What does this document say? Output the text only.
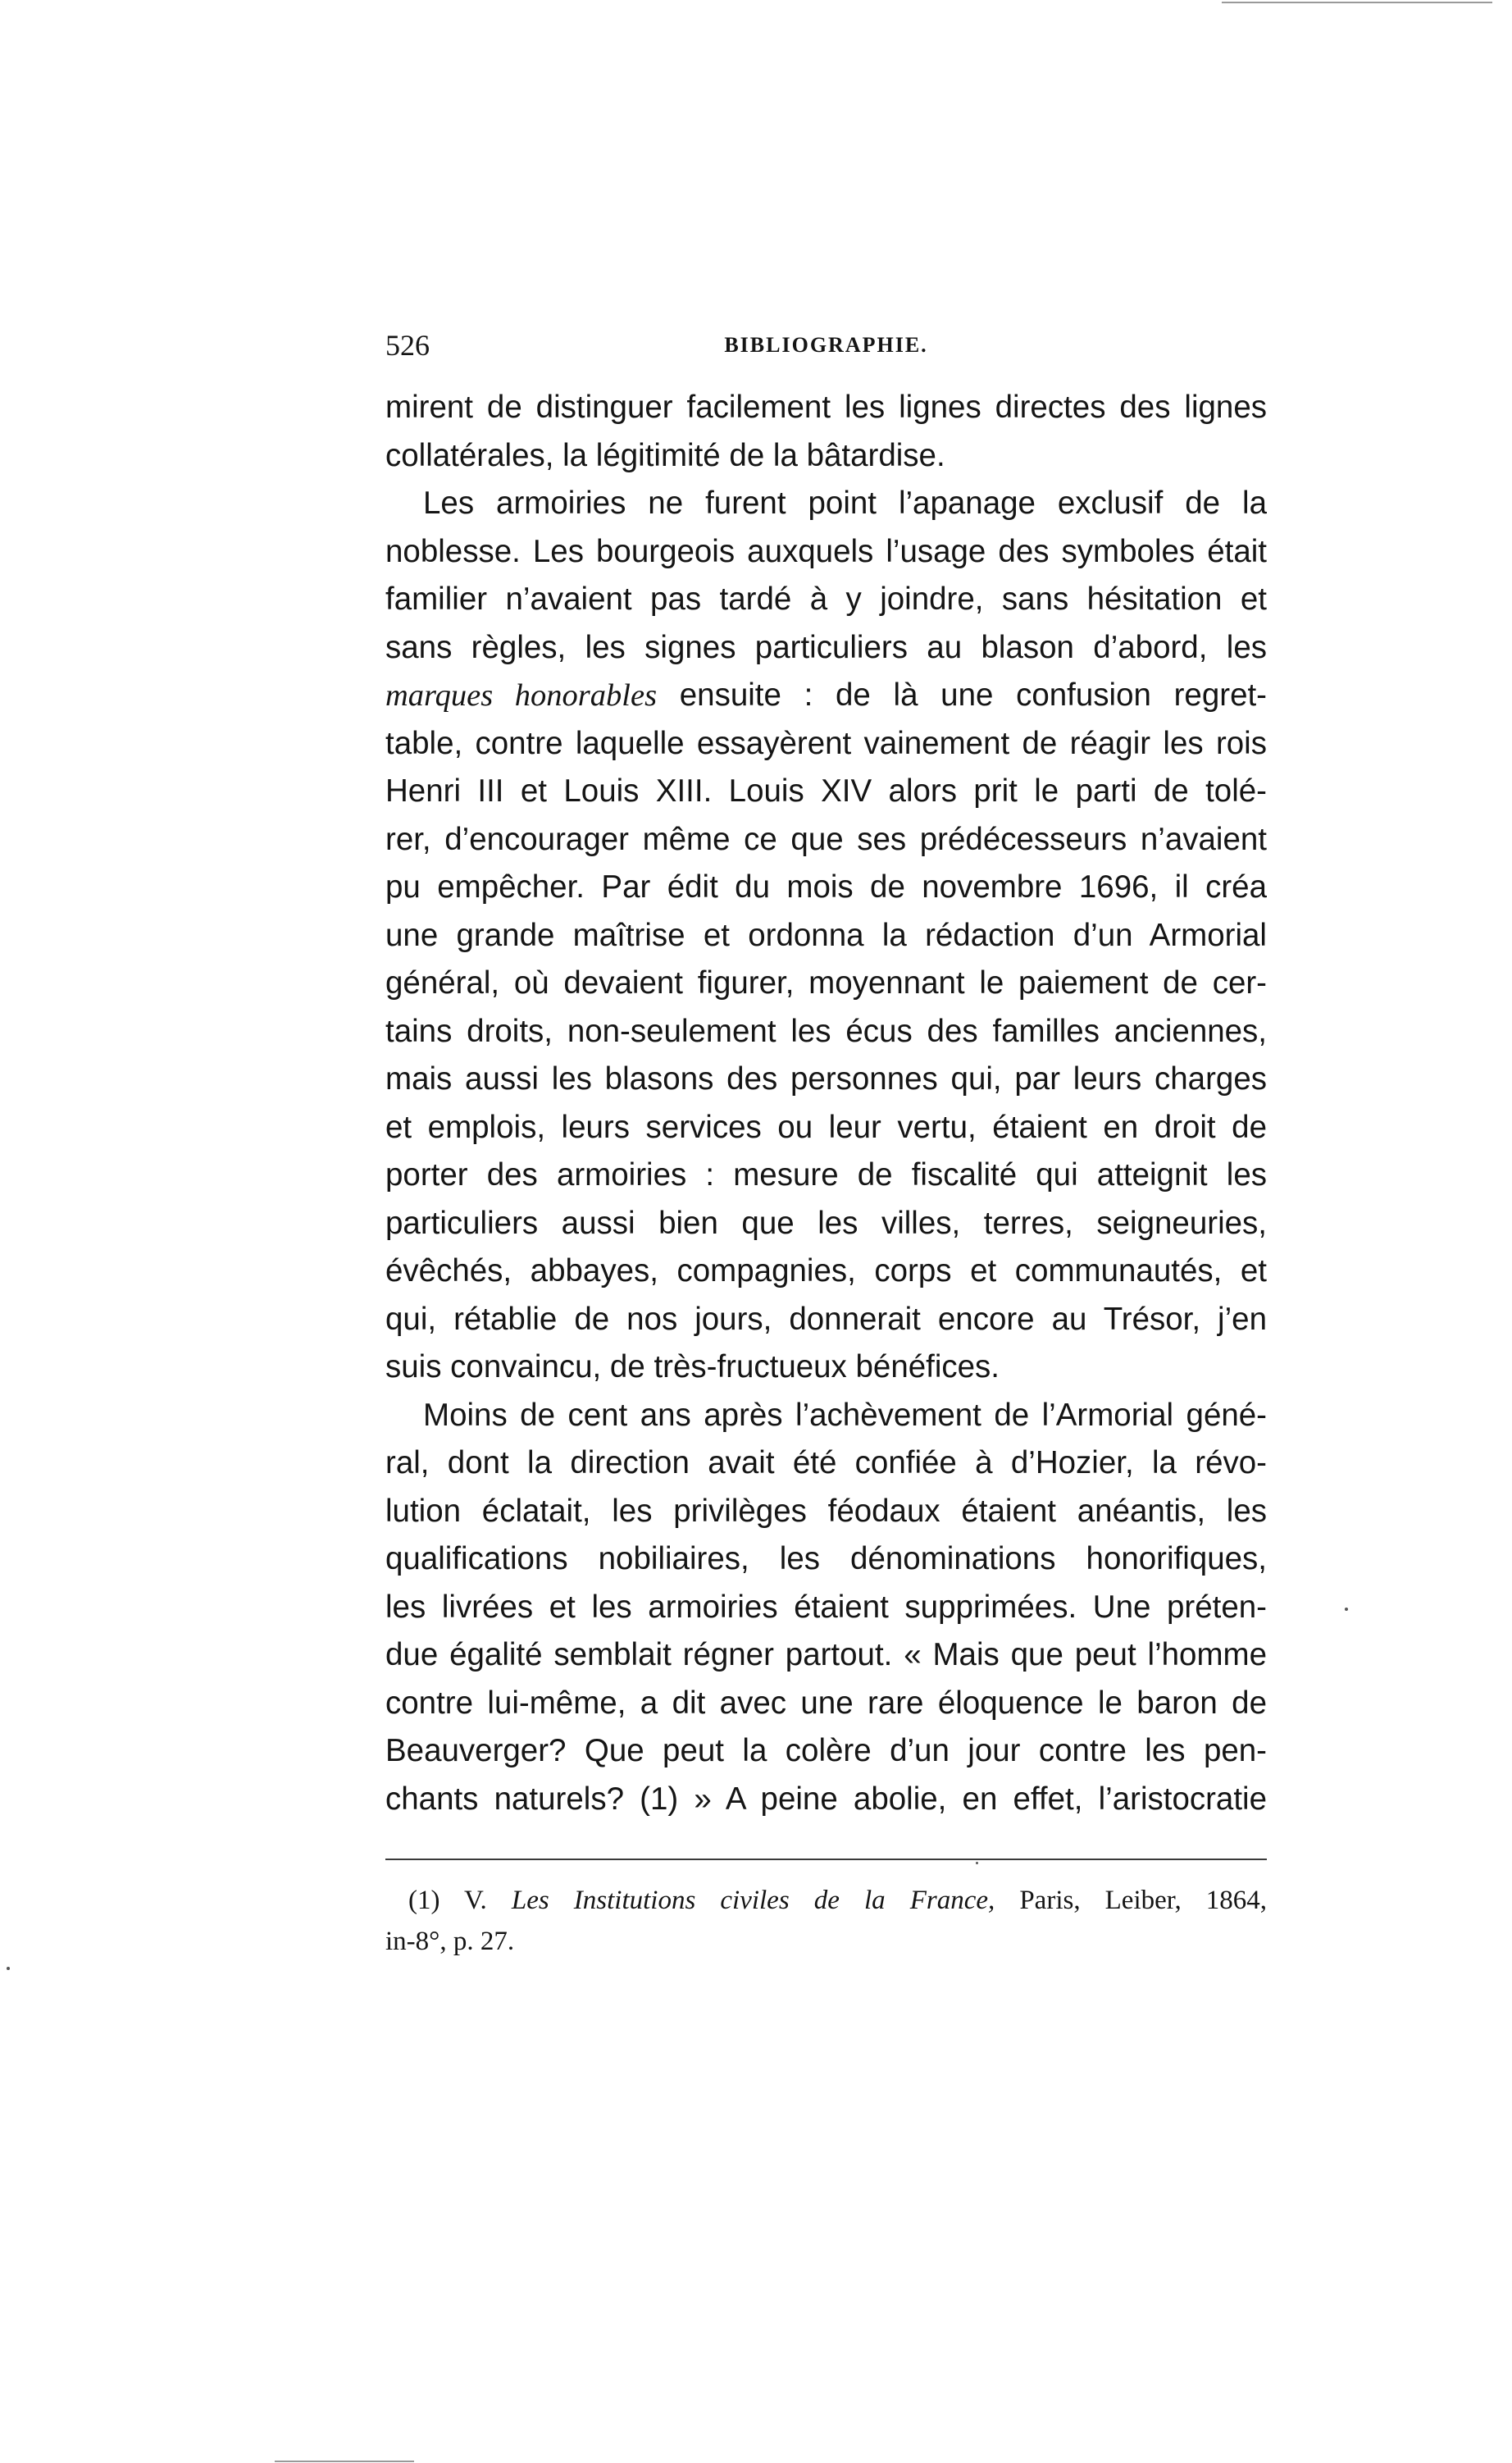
526	BIBLIOGRAPHIE.
mirent de distinguer facilement les lignes directes des lignes
collatérales, la légitimité de la bâtardise.
Les armoiries ne furent point l’apanage exclusif de la
noblesse. Les bourgeois auxquels l’usage des symboles était
familier n’avaient pas tardé à y joindre, sans hésitation et
sans règles, les signes particuliers au blason d’abord, les
marques honorables ensuite : de là une confusion regret-
table, contre laquelle essayèrent vainement de réagir les rois
Henri III et Louis XIII. Louis XIV alors prit le parti de tolé-
rer, d’encourager même ce que ses prédécesseurs n’avaient
pu empêcher. Par édit du mois de novembre 1696, il créa
une grande maîtrise et ordonna la rédaction d’un Armorial
général, où devaient figurer, moyennant le paiement de cer-
tains droits, non-seulement les écus des familles anciennes,
mais aussi les blasons des personnes qui, par leurs charges
et emplois, leurs services ou leur vertu, étaient en droit de
porter des armoiries : mesure de fiscalité qui atteignit les
particuliers aussi bien que les villes, terres, seigneuries,
évêchés, abbayes, compagnies, corps et communautés, et
qui, rétablie de nos jours, donnerait encore au Trésor, j’en
suis convaincu, de très-fructueux bénéfices.
Moins de cent ans après l’achèvement de l’Armorial géné-
ral, dont la direction avait été confiée à d’Hozier, la révo-
lution éclatait, les privilèges féodaux étaient anéantis, les
qualifications nobiliaires, les dénominations honorifiques,
les livrées et les armoiries étaient supprimées. Une préten-
due égalité semblait régner partout. « Mais que peut l’homme
contre lui-même, a dit avec une rare éloquence le baron de
Beauverger? Que peut la colère d’un jour contre les pen-
chants naturels? (1) » A peine abolie, en effet, l’aristocratie
(1) V. Les Institutions civiles de la France, Paris, Leiber, 1864,
in-8°, p. 27.
